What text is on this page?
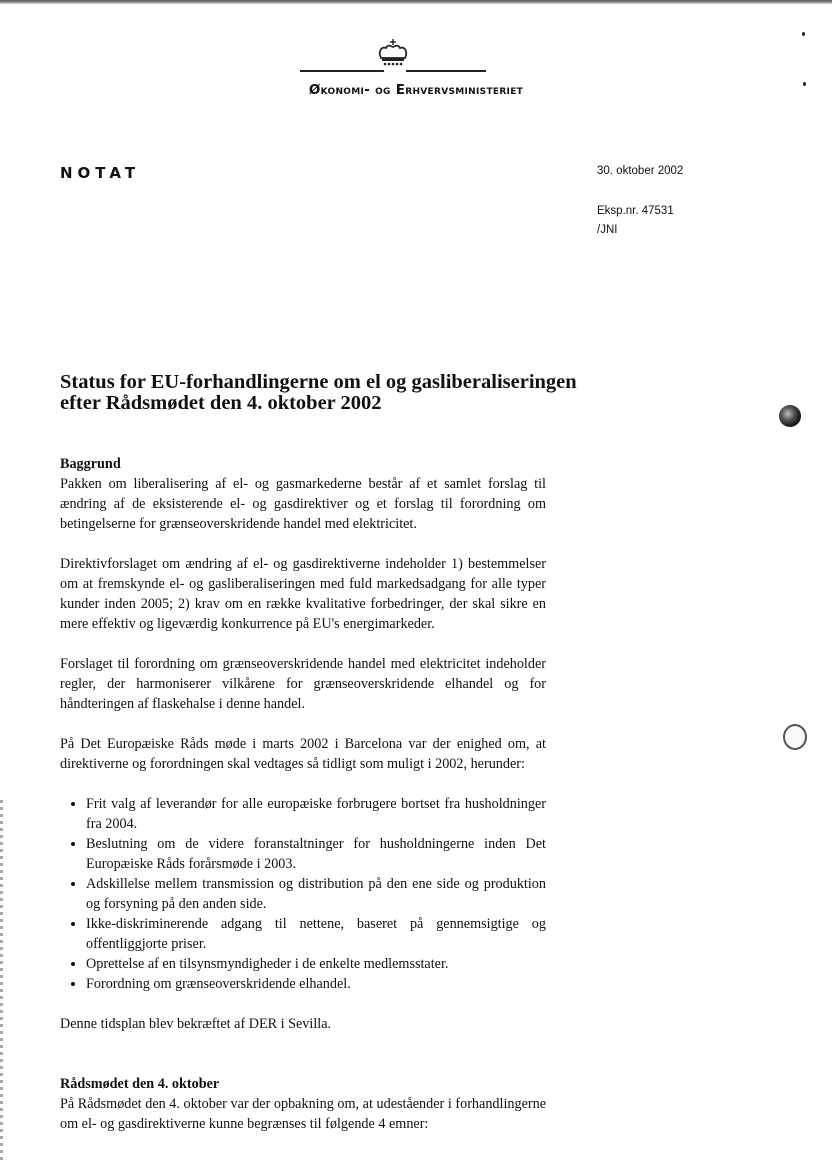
Økonomi- og Erhvervsministeriet
NOTAT	30. oktober 2002
Eksp.nr. 47531
/JNI
Status for EU-forhandlingerne om el og gasliberaliseringen
efter Rådsmødet den 4. oktober 2002
Baggrund

Pakken om liberalisering af el- og gasmarkederne består af et samlet forslag til ændring af de eksisterende el- og gasdirektiver og et forslag til forordning om betingelserne for grænseoverskridende handel med elektricitet.

Direktivforslaget om ændring af el- og gasdirektiverne indeholder 1) bestemmelser om at fremskynde el- og gasliberaliseringen med fuld markedsadgang for alle typer kunder inden 2005; 2) krav om en række kvalitative forbedringer, der skal sikre en mere effektiv og ligeværdig konkurrence på EU's energimarkeder.

Forslaget til forordning om grænseoverskridende handel med elektricitet indeholder regler, der harmoniserer vilkårene for grænseoverskridende elhandel og for håndteringen af flaskehalse i denne handel.

På Det Europæiske Råds møde i marts 2002 i Barcelona var der enighed om, at direktiverne og forordningen skal vedtages så tidligt som muligt i 2002, herunder:

• Frit valg af leverandør for alle europæiske forbrugere bortset fra husholdninger fra 2004.
• Beslutning om de videre foranstaltninger for husholdningerne inden Det Europæiske Råds forårsmøde i 2003.
• Adskillelse mellem transmission og distribution på den ene side og produktion og forsyning på den anden side.
• Ikke-diskriminerende adgang til nettene, baseret på gennemsigtige og offentliggjorte priser.
• Oprettelse af en tilsynsmyndigheder i de enkelte medlemsstater.
• Forordning om grænseoverskridende elhandel.

Denne tidsplan blev bekræftet af DER i Sevilla.

Rådsmødet den 4. oktober

På Rådsmødet den 4. oktober var der opbakning om, at udeståender i forhandlingerne om el- og gasdirektiverne kunne begrænses til følgende 4 emner:
